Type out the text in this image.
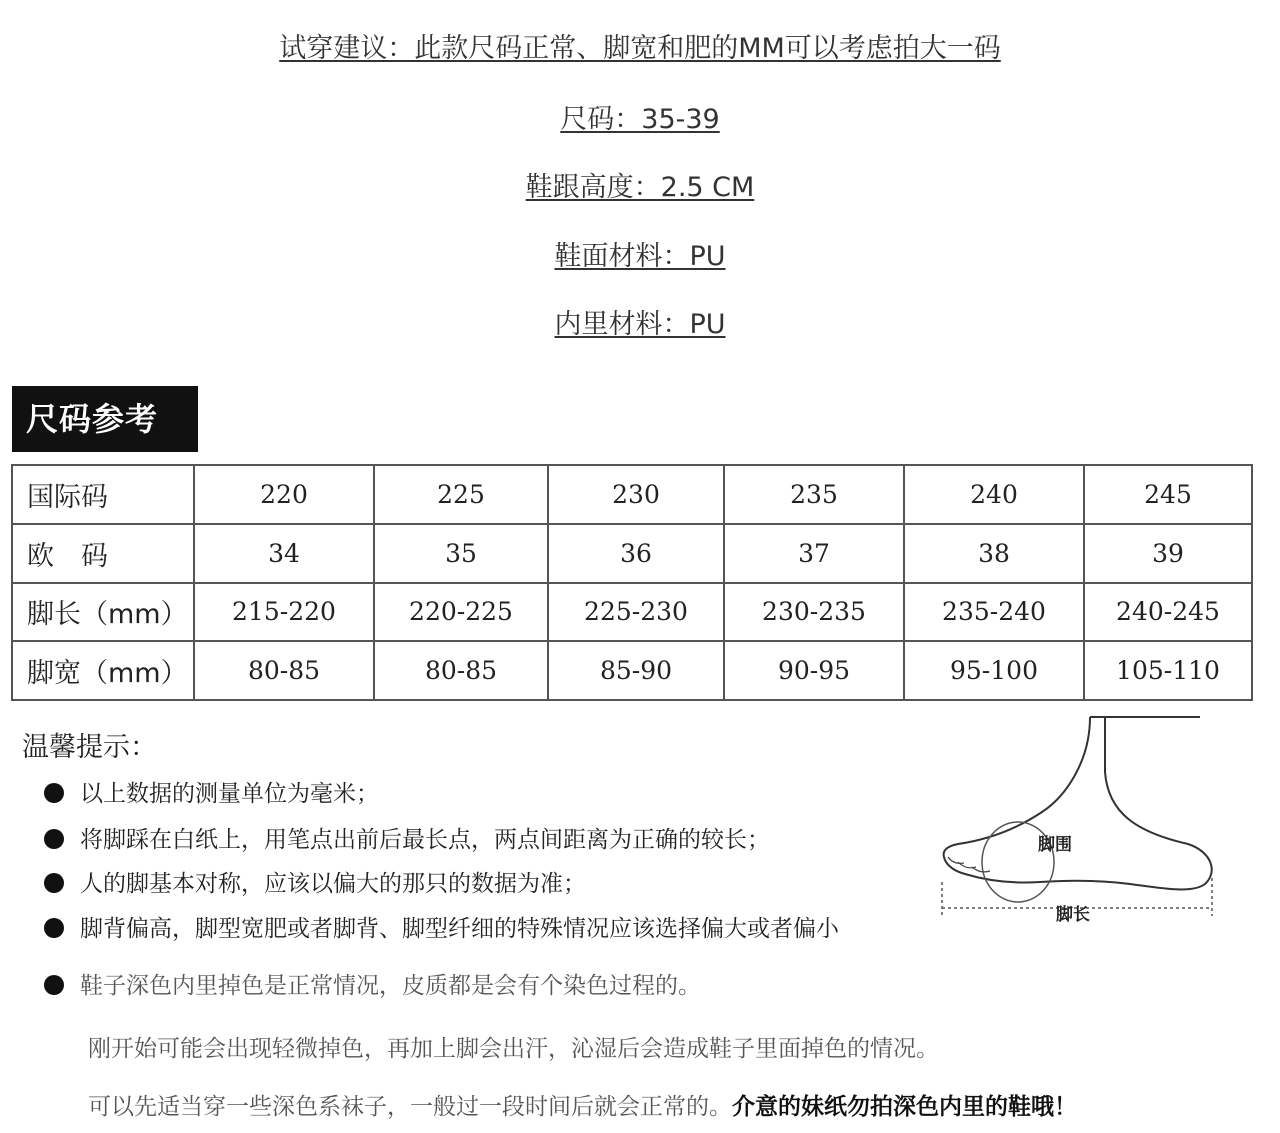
试穿建议：此款尺码正常、脚宽和肥的MM可以考虑拍大一码
尺码：35-39
鞋跟高度：2.5 CM
鞋面材料：PU
内里材料：PU
尺码参考
国际码	220	225	230	235	240	245
欧　码	34	35	36	37	38	39
脚长（mm）	215-220	220-225	225-230	230-235	235-240	240-245
脚宽（mm）	80-85	80-85	85-90	90-95	95-100	105-110
温馨提示：
以上数据的测量单位为毫米；
将脚踩在白纸上，用笔点出前后最长点，两点间距离为正确的较长；
人的脚基本对称，应该以偏大的那只的数据为准；
脚背偏高，脚型宽肥或者脚背、脚型纤细的特殊情况应该选择偏大或者偏小
鞋子深色内里掉色是正常情况，皮质都是会有个染色过程的。
刚开始可能会出现轻微掉色，再加上脚会出汗，沁湿后会造成鞋子里面掉色的情况。
可以先适当穿一些深色系袜子，一般过一段时间后就会正常的。介意的妹纸勿拍深色内里的鞋哦！
脚围
脚长
